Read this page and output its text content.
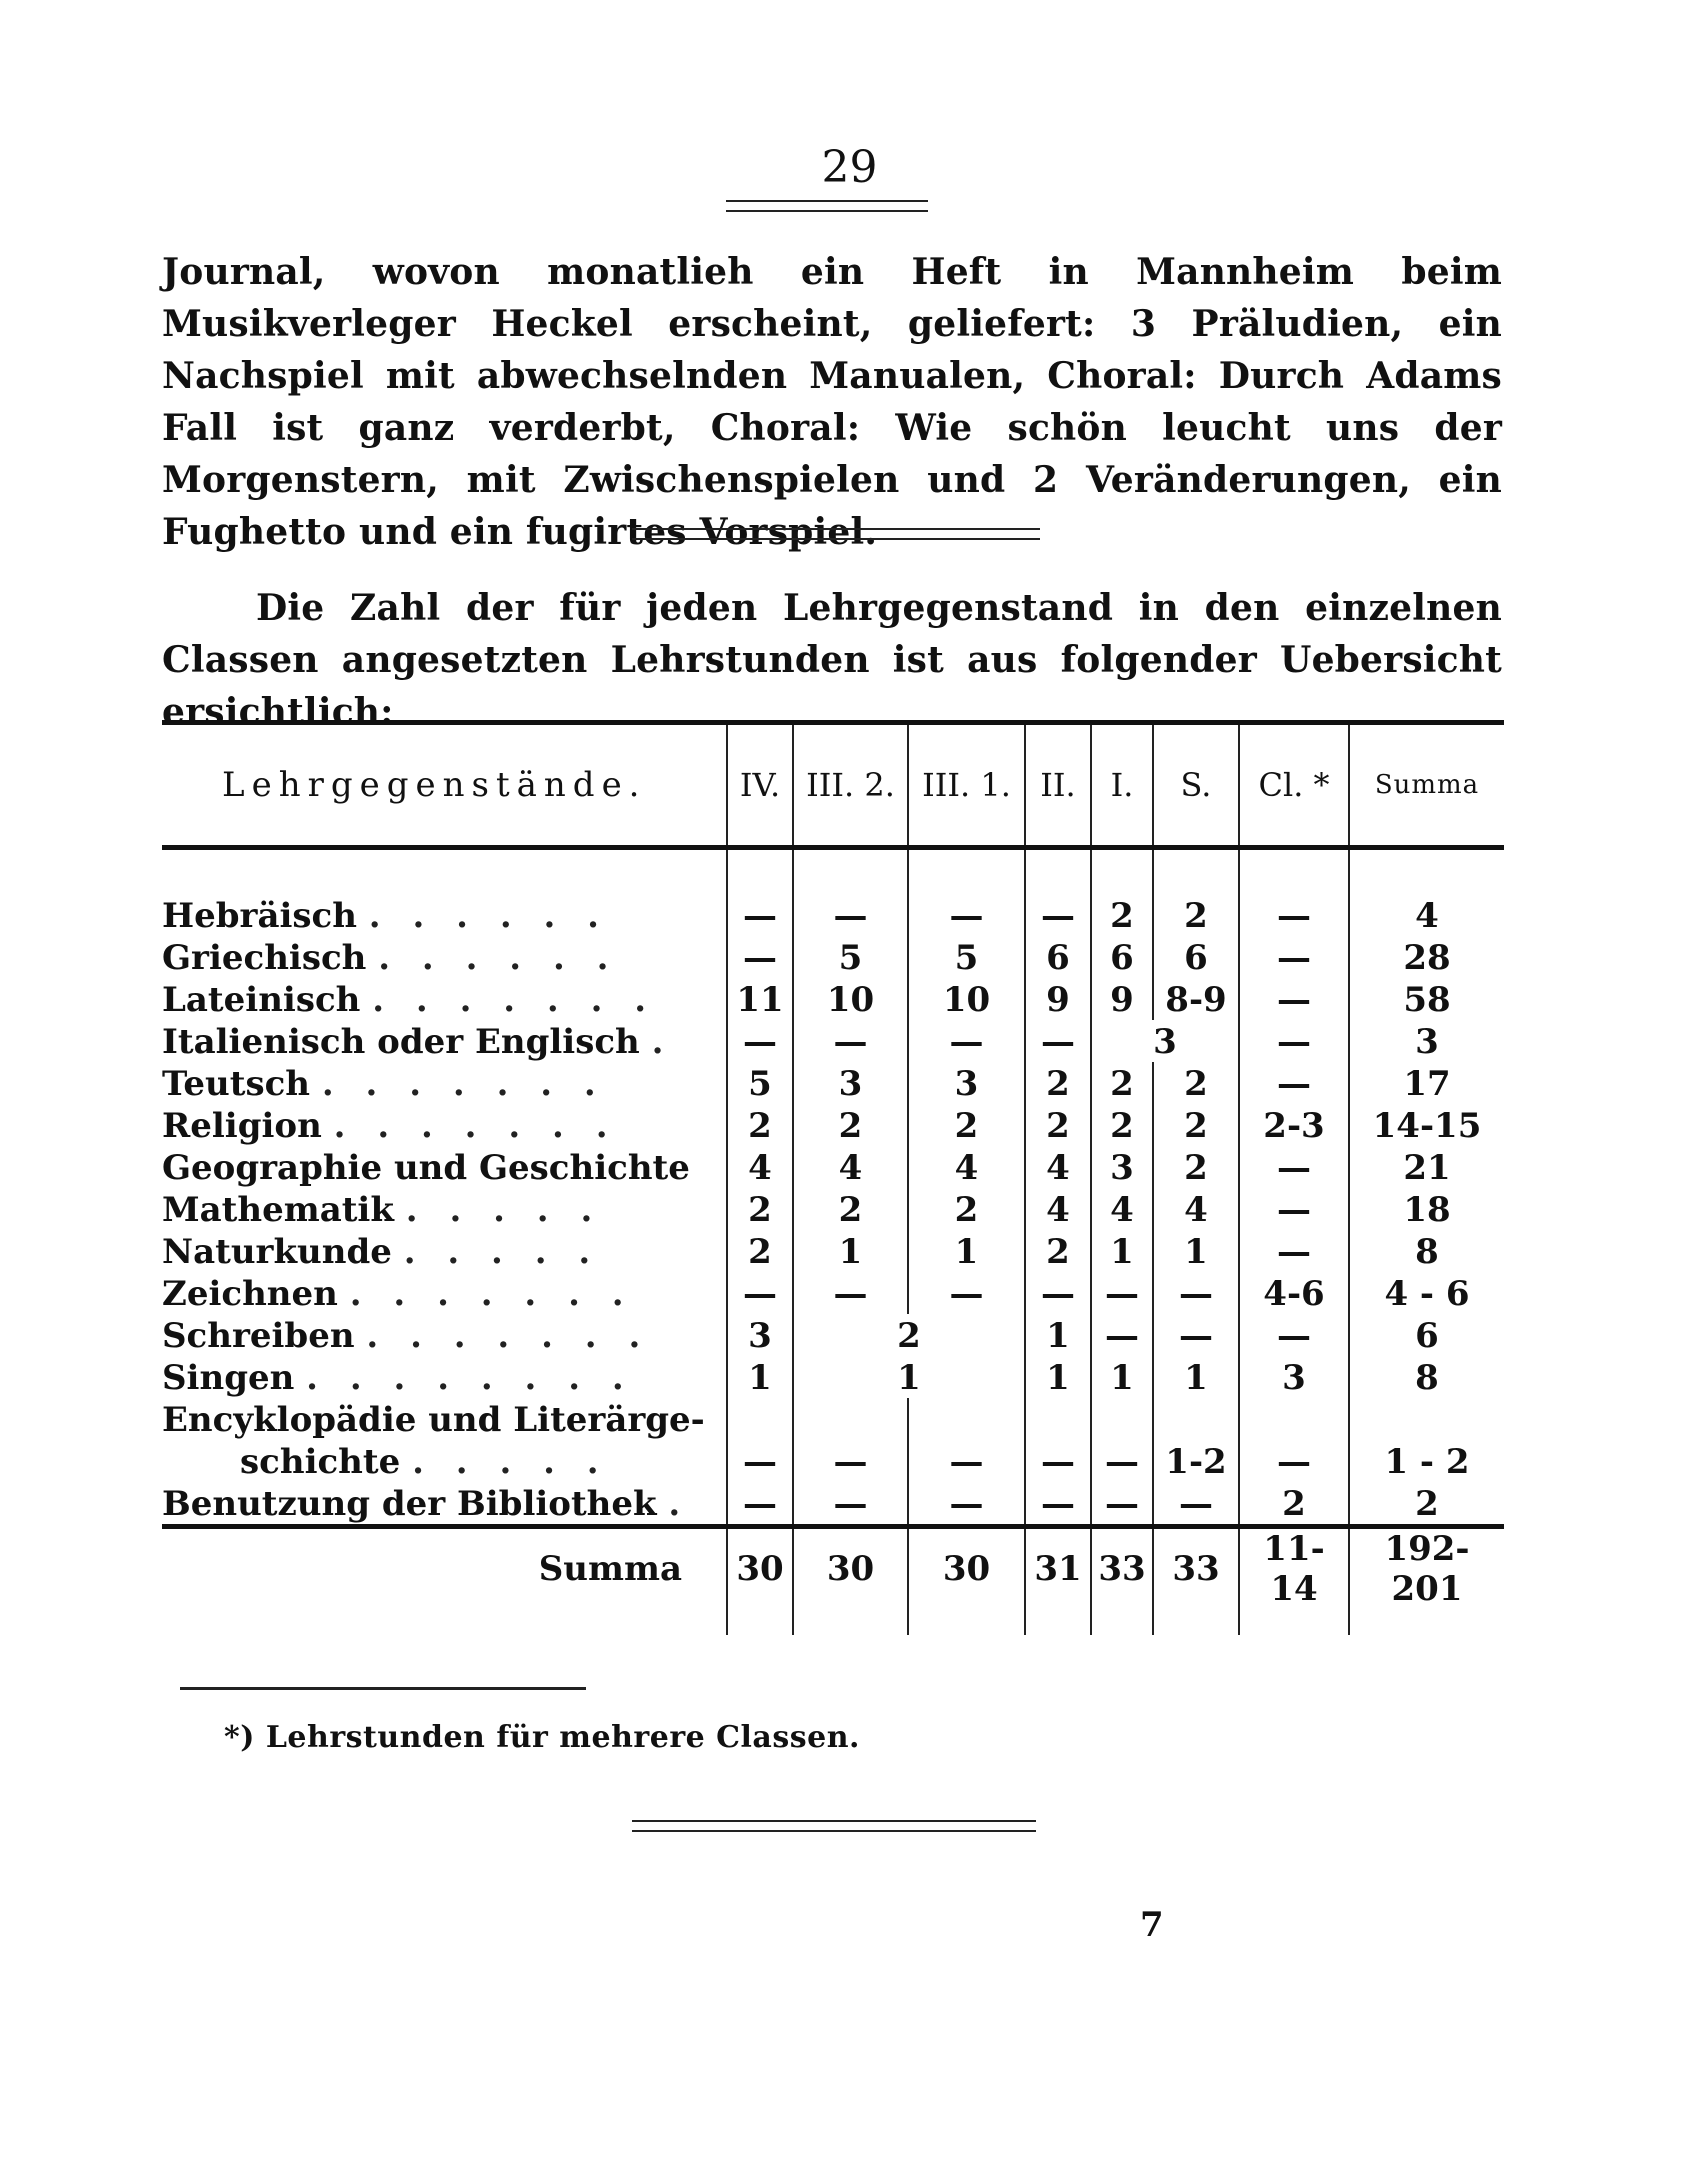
29
Journal, wovon monatlieh ein Heft in Mannheim beim Musikverleger Heckel erscheint, geliefert: 3 Präludien, ein Nachspiel mit abwechselnden Manualen, Choral: Durch Adams Fall ist ganz verderbt, Choral: Wie schön leucht uns der Morgenstern, mit Zwischenspielen und 2 Veränderungen, ein Fughetto und ein fugirtes Vorspiel.
Die Zahl der für jeden Lehrgegenstand in den einzelnen Classen angesetzten Lehrstunden ist aus folgender Uebersicht ersichtlich:

Lehrgegenstände.	IV.	III. 2.	III. 1.	II.	I.	S.	Cl. *	Summa

Hebräisch . . . . . .	—	—	—	—	2	2	—	4
Griechisch . . . . . .	—	5	5	6	6	6	—	28
Lateinisch . . . . . . .	11	10	10	9	9	8-9	—	58
Italienisch oder Englisch .	—	—	—	—	3		—	3
Teutsch . . . . . . .	5	3	3	2	2	2	—	17
Religion . . . . . . .	2	2	2	2	2	2	2-3	14-15
Geographie und Geschichte	4	4	4	4	3	2	—	21
Mathematik . . . . .	2	2	2	4	4	4	—	18
Naturkunde . . . . .	2	1	1	2	1	1	—	8
Zeichnen . . . . . . .	—	—	—	—	—	—	4-6	4 - 6
Schreiben . . . . . . .	3	2		1	—	—	—	6
Singen . . . . . . . .	1	1		1	1	1	3	8
Encyklopädie und Literärge-								
schichte . . . . .	—	—	—	—	—	1-2	—	1 - 2
Benutzung der Bibliothek .	—	—	—	—	—	—	2	2
Summa	30	30	30	31	33	33	11-14	192-201

*) Lehrstunden für mehrere Classen.
7
